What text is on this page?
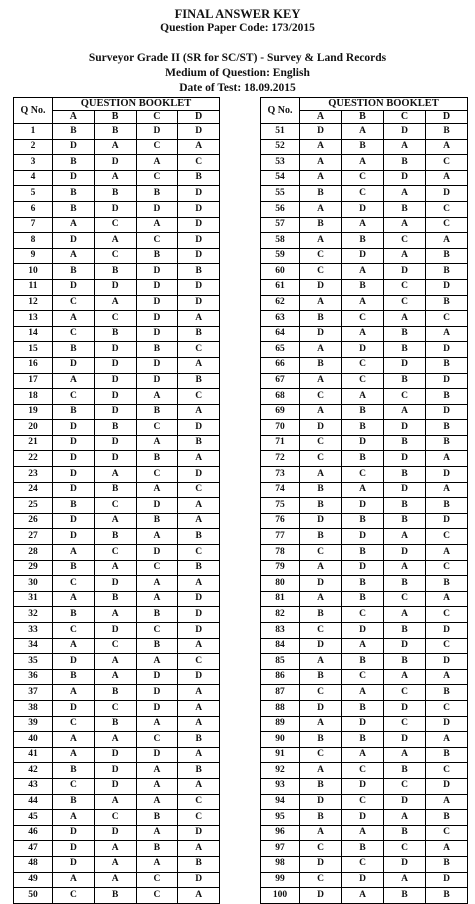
FINAL ANSWER KEY
Question Paper Code: 173/2015
Surveyor Grade II (SR for SC/ST) - Survey & Land Records
Medium of Question: English
Date of Test: 18.09.2015
Q No.	QUESTION BOOKLET			
	A	B	C	D
1	B	B	D	D
2	D	A	C	A
3	B	D	A	C
4	D	A	C	B
5	B	B	B	D
6	B	D	D	D
7	A	C	A	D
8	D	A	C	D
9	A	C	B	D
10	B	B	D	B
11	D	D	D	D
12	C	A	D	D
13	A	C	D	A
14	C	B	D	B
15	B	D	B	C
16	D	D	D	A
17	A	D	D	B
18	C	D	A	C
19	B	D	B	A
20	D	B	C	D
21	D	D	A	B
22	D	D	B	A
23	D	A	C	D
24	D	B	A	C
25	B	C	D	A
26	D	A	B	A
27	D	B	A	B
28	A	C	D	C
29	B	A	C	B
30	C	D	A	A
31	A	B	A	D
32	B	A	B	D
33	C	D	C	D
34	A	C	B	A
35	D	A	A	C
36	B	A	D	D
37	A	B	D	A
38	D	C	D	A
39	C	B	A	A
40	A	A	C	B
41	A	D	D	A
42	B	D	A	B
43	C	D	A	A
44	B	A	A	C
45	A	C	B	C
46	D	D	A	D
47	D	A	B	A
48	D	A	A	B
49	A	A	C	D
50	C	B	C	A
Q No.	QUESTION BOOKLET			
	A	B	C	D
51	D	A	D	B
52	A	B	A	A
53	A	A	B	C
54	A	C	D	A
55	B	C	A	D
56	A	D	B	C
57	B	A	A	C
58	A	B	C	A
59	C	D	A	B
60	C	A	D	B
61	D	B	C	D
62	A	A	C	B
63	B	C	A	C
64	D	A	B	A
65	A	D	B	D
66	B	C	D	B
67	A	C	B	D
68	C	A	C	B
69	A	B	A	D
70	D	B	D	B
71	C	D	B	B
72	C	B	D	A
73	A	C	B	D
74	B	A	D	A
75	B	D	B	B
76	D	B	B	D
77	B	D	A	C
78	C	B	D	A
79	A	D	A	C
80	D	B	B	B
81	A	B	C	A
82	B	C	A	C
83	C	D	B	D
84	D	A	D	C
85	A	B	B	D
86	B	C	A	A
87	C	A	C	B
88	D	B	D	C
89	A	D	C	D
90	B	B	D	A
91	C	A	A	B
92	A	C	B	C
93	B	D	C	D
94	D	C	D	A
95	B	D	A	B
96	A	A	B	C
97	C	B	C	A
98	D	C	D	B
99	C	D	A	D
100	D	A	B	B
